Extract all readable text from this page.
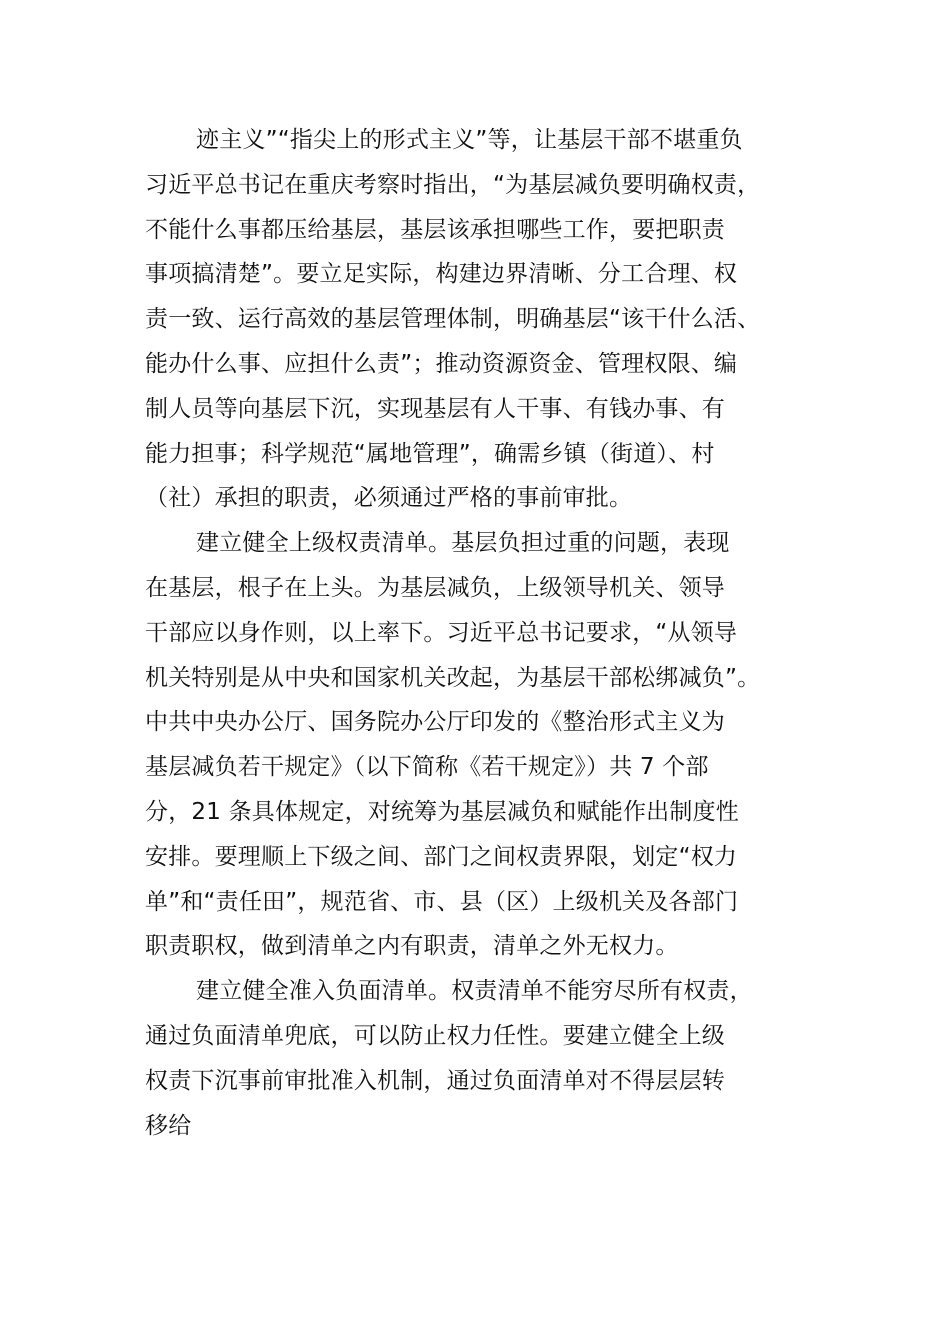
迹主义”“指尖上的形式主义”等，让基层干部不堪重负
习近平总书记在重庆考察时指出，“为基层减负要明确权责，
不能什么事都压给基层，基层该承担哪些工作，要把职责
事项搞清楚”。要立足实际，构建边界清晰、分工合理、权
责一致、运行高效的基层管理体制，明确基层“该干什么活、
能办什么事、应担什么责”；推动资源资金、管理权限、编
制人员等向基层下沉，实现基层有人干事、有钱办事、有
能力担事；科学规范“属地管理”，确需乡镇（街道）、村
（社）承担的职责，必须通过严格的事前审批。
建立健全上级权责清单。基层负担过重的问题，表现
在基层，根子在上头。为基层减负，上级领导机关、领导
干部应以身作则，以上率下。习近平总书记要求，“从领导
机关特别是从中央和国家机关改起，为基层干部松绑减负”。
中共中央办公厅、国务院办公厅印发的《整治形式主义为
基层减负若干规定》（以下简称《若干规定》）共 7 个部
分，21 条具体规定，对统筹为基层减负和赋能作出制度性
安排。要理顺上下级之间、部门之间权责界限，划定“权力
单”和“责任田”，规范省、市、县（区）上级机关及各部门
职责职权，做到清单之内有职责，清单之外无权力。
建立健全准入负面清单。权责清单不能穷尽所有权责，
通过负面清单兜底，可以防止权力任性。要建立健全上级
权责下沉事前审批准入机制，通过负面清单对不得层层转
移给
